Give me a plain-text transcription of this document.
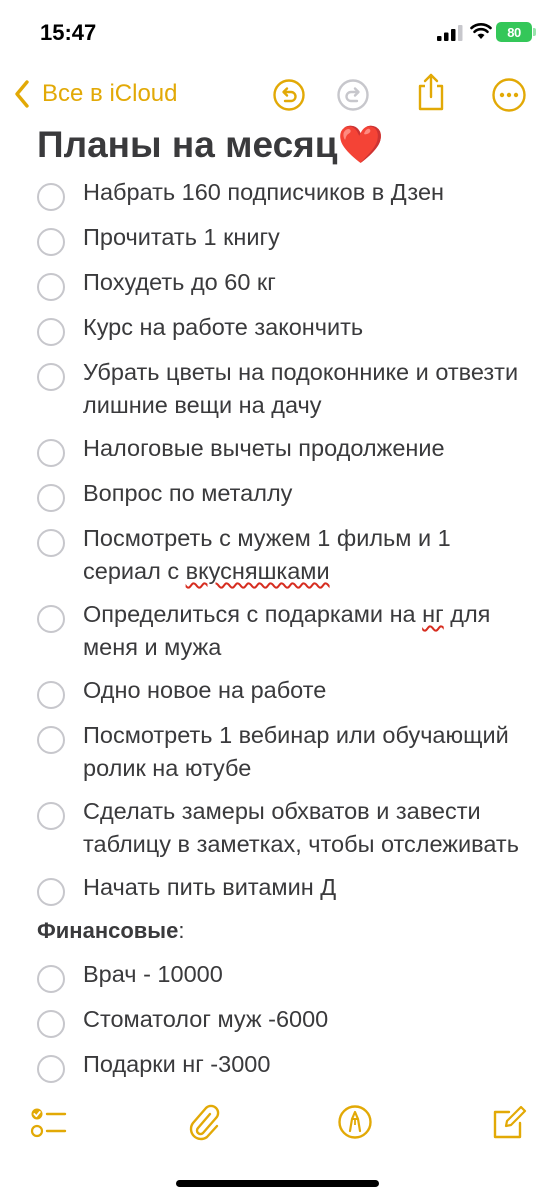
15:47	80
Все в iCloud
Планы на месяц❤️
Набрать 160 подписчиков в Дзен
Прочитать 1 книгу
Похудеть до 60 кг
Курс на работе закончить
Убрать цветы на подоконнике и отвезти лишние вещи на дачу
Налоговые вычеты продолжение
Вопрос по металлу
Посмотреть с мужем 1 фильм и 1 сериал с вкусняшками
Определиться с подарками на нг для меня и мужа
Одно новое на работе
Посмотреть 1 вебинар или обучающий ролик на ютубе
Сделать замеры обхватов и завести таблицу в заметках, чтобы отслеживать
Начать пить витамин Д
Финансовые:
Врач - 10000
Стоматолог муж -6000
Подарки нг -3000
